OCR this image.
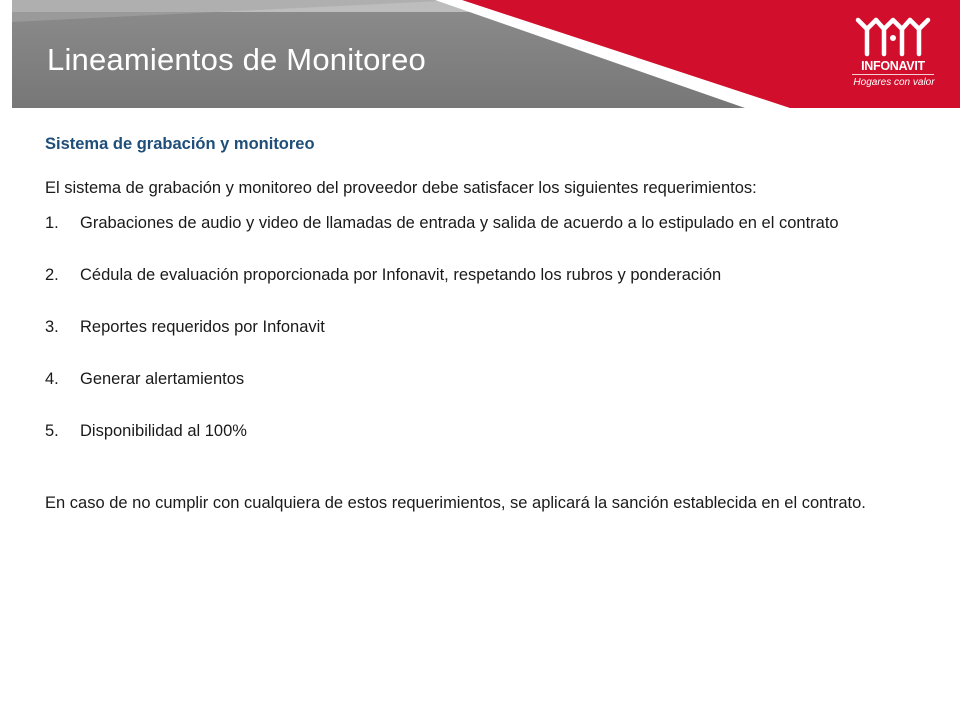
Lineamientos de Monitoreo	INFONAVIT
Hogares con valor

Sistema de grabación y monitoreo

El sistema de grabación y monitoreo del proveedor debe satisfacer los siguientes requerimientos:

1. Grabaciones de audio y video de llamadas de entrada y salida de acuerdo a lo estipulado en el contrato
2. Cédula de evaluación proporcionada por Infonavit, respetando los rubros y ponderación
3. Reportes requeridos por Infonavit
4. Generar alertamientos
5. Disponibilidad al 100%

En caso de no cumplir con cualquiera de estos requerimientos, se aplicará la sanción establecida en el contrato.
